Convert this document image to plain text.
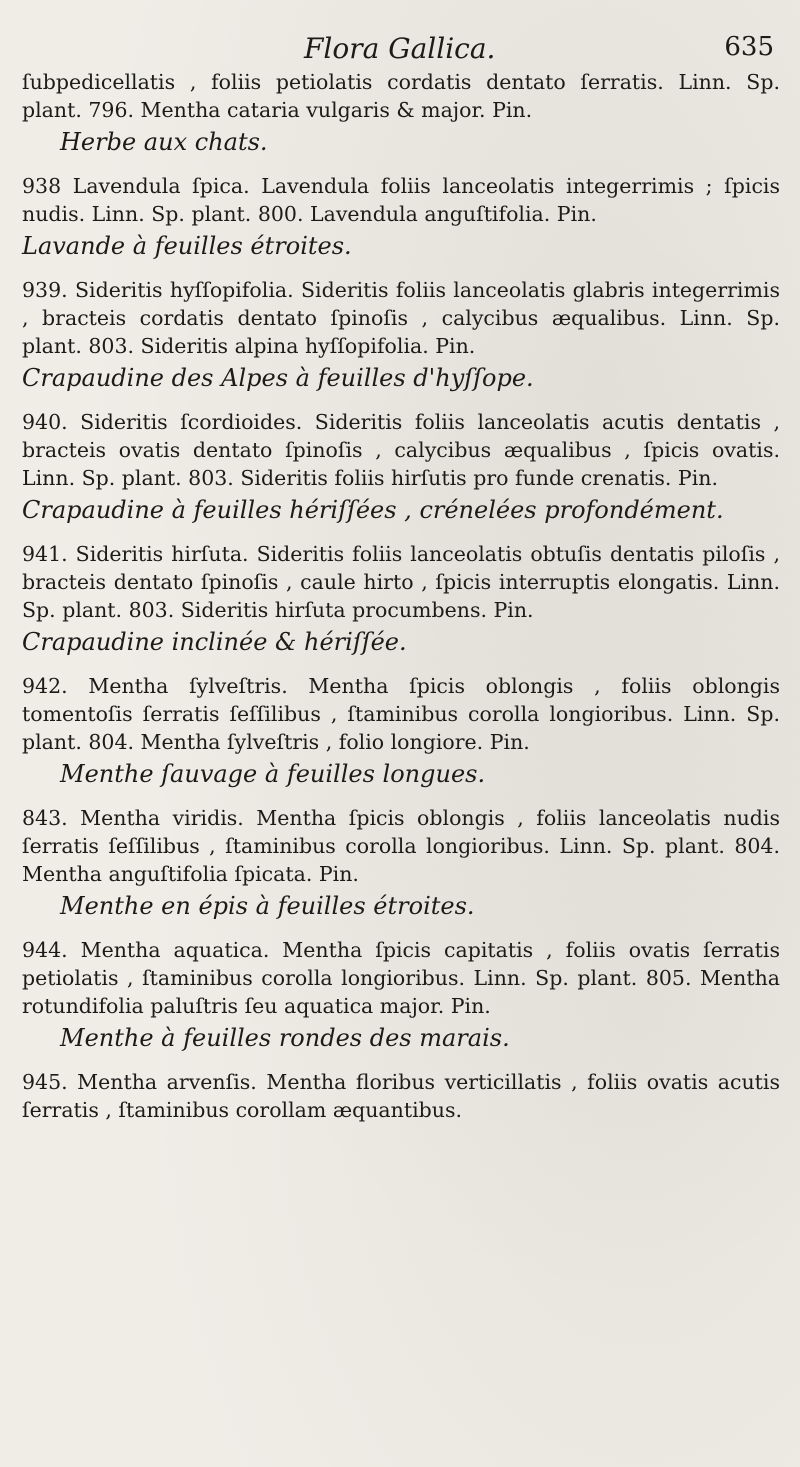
Flora Gallica.	635

ſubpedicellatis , foliis petiolatis cordatis dentato ſerratis. Linn. Sp. plant. 796. Mentha cataria vulgaris & major. Pin.

Herbe aux chats.

938 Lavendula ſpica. Lavendula foliis lanceolatis integerrimis ; ſpicis nudis. Linn. Sp. plant. 800. Lavendula anguſtifolia. Pin.

Lavande à feuilles étroites.

939. Sideritis hyſſopifolia. Sideritis foliis lanceolatis glabris integerrimis , bracteis cordatis dentato ſpinoſis , calycibus æqualibus. Linn. Sp. plant. 803. Sideritis alpina hyſſopifolia. Pin.

Crapaudine des Alpes à feuilles d'hyſſope.

940. Sideritis ſcordioides. Sideritis foliis lanceolatis acutis dentatis , bracteis ovatis dentato ſpinoſis , calycibus æqualibus , ſpicis ovatis. Linn. Sp. plant. 803. Sideritis foliis hirſutis pro funde crenatis. Pin.

Crapaudine à feuilles hériſſées , crénelées profondément.

941. Sideritis hirſuta. Sideritis foliis lanceolatis obtuſis dentatis piloſis , bracteis dentato ſpinoſis , caule hirto , ſpicis interruptis elongatis. Linn. Sp. plant. 803. Sideritis hirſuta procumbens. Pin.

Crapaudine inclinée & hériſſée.

942. Mentha ſylveſtris. Mentha ſpicis oblongis , foliis oblongis tomentoſis ſerratis ſeſſilibus , ſtaminibus corolla longioribus. Linn. Sp. plant. 804. Mentha ſylveſtris , folio longiore. Pin.

Menthe ſauvage à feuilles longues.

843. Mentha viridis. Mentha ſpicis oblongis , foliis lanceolatis nudis ſerratis ſeſſilibus , ſtaminibus corolla longioribus. Linn. Sp. plant. 804. Mentha anguſtifolia ſpicata. Pin.

Menthe en épis à feuilles étroites.

944. Mentha aquatica. Mentha ſpicis capitatis , foliis ovatis ſerratis petiolatis , ſtaminibus corolla longioribus. Linn. Sp. plant. 805. Mentha rotundifolia paluſtris ſeu aquatica major. Pin.

Menthe à feuilles rondes des marais.

945. Mentha arvenſis. Mentha floribus verticillatis , foliis ovatis acutis ſerratis , ſtaminibus corollam æquantibus.
